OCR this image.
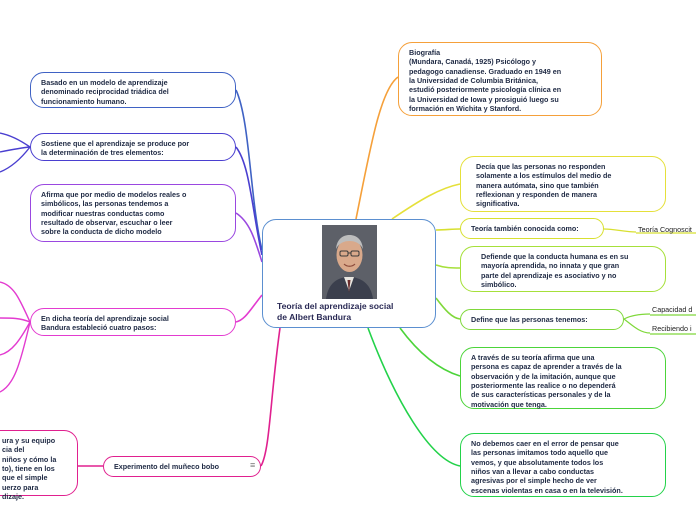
Teoría del aprendizaje social
de Albert Bandura
Basado en un modelo de aprendizaje
denominado reciprocidad triádica del
funcionamiento humano.
Sostiene que el aprendizaje se produce por
la determinación de tres elementos:
Afirma que por medio de modelos reales o
simbólicos, las personas tendemos a
modificar nuestras conductas como
resultado de observar, escuchar o leer
sobre la conducta de dicho modelo
En dicha teoría del aprendizaje social
Bandura estableció cuatro pasos:
Experimento del muñeco bobo	≡
ura y su equipo
cia del
niños y cómo la
to), tiene en los
que el simple
uerzo para
dizaje.
Biografía
(Mundara, Canadá, 1925) Psicólogo y
pedagogo canadiense. Graduado en 1949 en
la Universidad de Columbia Británica,
estudió posteriormente psicología clínica en
la Universidad de Iowa y prosiguió luego su
formación en Wichita y Stanford.
Decía que las personas no responden
solamente a los estímulos del medio de
manera autómata, sino que también
reflexionan y responden de manera
significativa.
Teoría también conocida como:	Teoría Cognoscit
Defiende que la conducta humana es en su
mayoría aprendida, no innata y que gran
parte del aprendizaje es asociativo y no
simbólico.
Define que las personas tenemos:
Capacidad d
Recibiendo i
A través de su teoría afirma que una
persona es capaz de aprender a través de la
observación y de la imitación, aunque que
posteriormente las realice o no dependerá
de sus características personales y de la
motivación que tenga.
No debemos caer en el error de pensar que
las personas imitamos todo aquello que
vemos, y que absolutamente todos los
niños van a llevar a cabo conductas
agresivas por el simple hecho de ver
escenas violentas en casa o en la televisión.
